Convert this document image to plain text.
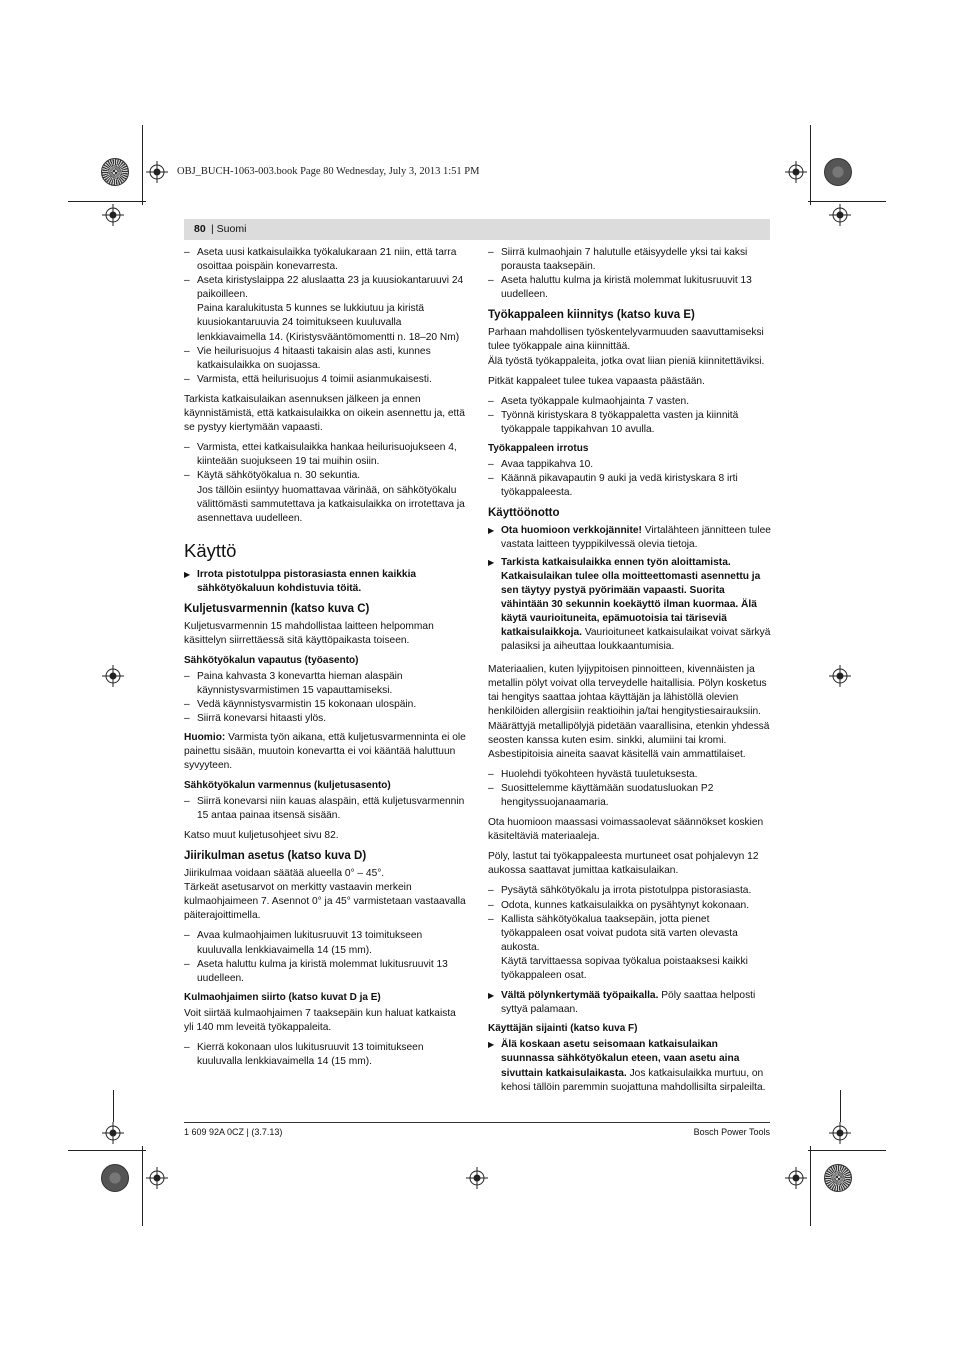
OBJ_BUCH-1063-003.book Page 80 Wednesday, July 3, 2013 1:51 PM
80 | Suomi

– Aseta uusi katkaisulaikka työkalukaraan 21 niin, että tarra osoittaa poispäin konevarresta.

– Aseta kiristyslaippa 22 aluslaatta 23 ja kuusiokantaruuvi 24 paikoilleen.

Paina karalukitusta 5 kunnes se lukkiutuu ja kiristä kuusiokantaruuvia 24 toimitukseen kuuluvalla lenkkiavaimella 14. (Kiristysvääntömomentti n. 18–20 Nm)

– Vie heilurisuojus 4 hitaasti takaisin alas asti, kunnes katkaisulaikka on suojassa.

– Varmista, että heilurisuojus 4 toimii asianmukaisesti.

Tarkista katkaisulaikan asennuksen jälkeen ja ennen käynnistämistä, että katkaisulaikka on oikein asennettu ja, että se pystyy kiertymään vapaasti.

– Varmista, ettei katkaisulaikka hankaa heilurisuojukseen 4, kiinteään suojukseen 19 tai muihin osiin.

– Käytä sähkötyökalua n. 30 sekuntia.

Jos tällöin esiintyy huomattavaa värinää, on sähkötyökalu välittömästi sammutettava ja katkaisulaikka on irrotettava ja asennettava uudelleen.

Käyttö

▶ Irrota pistotulppa pistorasiasta ennen kaikkia sähkötyökaluun kohdistuvia töitä.

Kuljetusvarmennin (katso kuva C)

Kuljetusvarmennin 15 mahdollistaa laitteen helpomman käsittelyn siirrettäessä sitä käyttöpaikasta toiseen.

Sähkötyökalun vapautus (työasento)

– Paina kahvasta 3 konevartta hieman alaspäin käynnistysvarmistimen 15 vapauttamiseksi.

– Vedä käynnistysvarmistin 15 kokonaan ulospäin.

– Siirrä konevarsi hitaasti ylös.

Huomio: Varmista työn aikana, että kuljetusvarmenninta ei ole painettu sisään, muutoin konevartta ei voi kääntää haluttuun syvyyteen.

Sähkötyökalun varmennus (kuljetusasento)

– Siirrä konevarsi niin kauas alaspäin, että kuljetusvarmennin 15 antaa painaa itsensä sisään.

Katso muut kuljetusohjeet sivu 82.

Jiirikulman asetus (katso kuva D)

Jiirikulmaa voidaan säätää alueella 0° – 45°.

Tärkeät asetusarvot on merkitty vastaavin merkein kulmaohjaimeen 7. Asennot 0° ja 45° varmistetaan vastaavalla päiterajoittimella.

– Avaa kulmaohjaimen lukitusruuvit 13 toimitukseen kuuluvalla lenkkiavaimella 14 (15 mm).

– Aseta haluttu kulma ja kiristä molemmat lukitusruuvit 13 uudelleen.

Kulmaohjaimen siirto (katso kuvat D ja E)

Voit siirtää kulmaohjaimen 7 taaksepäin kun haluat katkaista yli 140 mm leveitä työkappaleita.

– Kierrä kokonaan ulos lukitusruuvit 13 toimitukseen kuuluvalla lenkkiavaimella 14 (15 mm).

– Siirrä kulmaohjain 7 halutulle etäisyydelle yksi tai kaksi porausta taaksepäin.

– Aseta haluttu kulma ja kiristä molemmat lukitusruuvit 13 uudelleen.

Työkappaleen kiinnitys (katso kuva E)

Parhaan mahdollisen työskentelyvarmuuden saavuttamiseksi tulee työkappale aina kiinnittää.

Älä työstä työkappaleita, jotka ovat liian pieniä kiinnitettäviksi.

Pitkät kappaleet tulee tukea vapaasta päästään.

– Aseta työkappale kulmaohjainta 7 vasten.

– Työnnä kiristyskara 8 työkappaletta vasten ja kiinnitä työkappale tappikahvan 10 avulla.

Työkappaleen irrotus

– Avaa tappikahva 10.

– Käännä pikavapautin 9 auki ja vedä kiristyskara 8 irti työkappaleesta.

Käyttöönotto

▶ Ota huomioon verkkojännite! Virtalähteen jännitteen tulee vastata laitteen tyyppikilvessä olevia tietoja.

▶ Tarkista katkaisulaikka ennen työn aloittamista. Katkaisulaikan tulee olla moitteettomasti asennettu ja sen täytyy pystyä pyörimään vapaasti. Suorita vähintään 30 sekunnin koekäyttö ilman kuormaa. Älä käytä vaurioituneita, epämuotoisia tai täriseviä katkaisulaikkoja. Vaurioituneet katkaisulaikat voivat särkyä palasiksi ja aiheuttaa loukkaantumisia.

Materiaalien, kuten lyijypitoisen pinnoitteen, kivennäisten ja metallin pölyt voivat olla terveydelle haitallisia. Pölyn kosketus tai hengitys saattaa johtaa käyttäjän ja lähistöllä olevien henkilöiden allergisiin reaktioihin ja/tai hengitystiesairauksiin.

Määrättyjä metallipölyjä pidetään vaarallisina, etenkin yhdessä seosten kanssa kuten esim. sinkki, alumiini tai kromi. Asbestipitoisia aineita saavat käsitellä vain ammattilaiset.

– Huolehdi työkohteen hyvästä tuuletuksesta.

– Suosittelemme käyttämään suodatusluokan P2 hengityssuojanaamaria.

Ota huomioon maassasi voimassaolevat säännökset koskien käsiteltäviä materiaaleja.

Pöly, lastut tai työkappaleesta murtuneet osat pohjalevyn 12 aukossa saattavat jumittaa katkaisulaikan.

– Pysäytä sähkötyökalu ja irrota pistotulppa pistorasiasta.

– Odota, kunnes katkaisulaikka on pysähtynyt kokonaan.

– Kallista sähkötyökalua taaksepäin, jotta pienet työkappaleen osat voivat pudota sitä varten olevasta aukosta.

Käytä tarvittaessa sopivaa työkalua poistaaksesi kaikki työkappaleen osat.

▶ Vältä pölynkertymää työpaikalla. Pöly saattaa helposti syttyä palamaan.

Käyttäjän sijainti (katso kuva F)

▶ Älä koskaan asetu seisomaan katkaisulaikan suunnassa sähkötyökalun eteen, vaan asetu aina sivuttain katkaisulaikasta. Jos katkaisulaikka murtuu, on kehosi tällöin paremmin suojattuna mahdollisilta sirpaleilta.

1 609 92A 0CZ | (3.7.13)	Bosch Power Tools
